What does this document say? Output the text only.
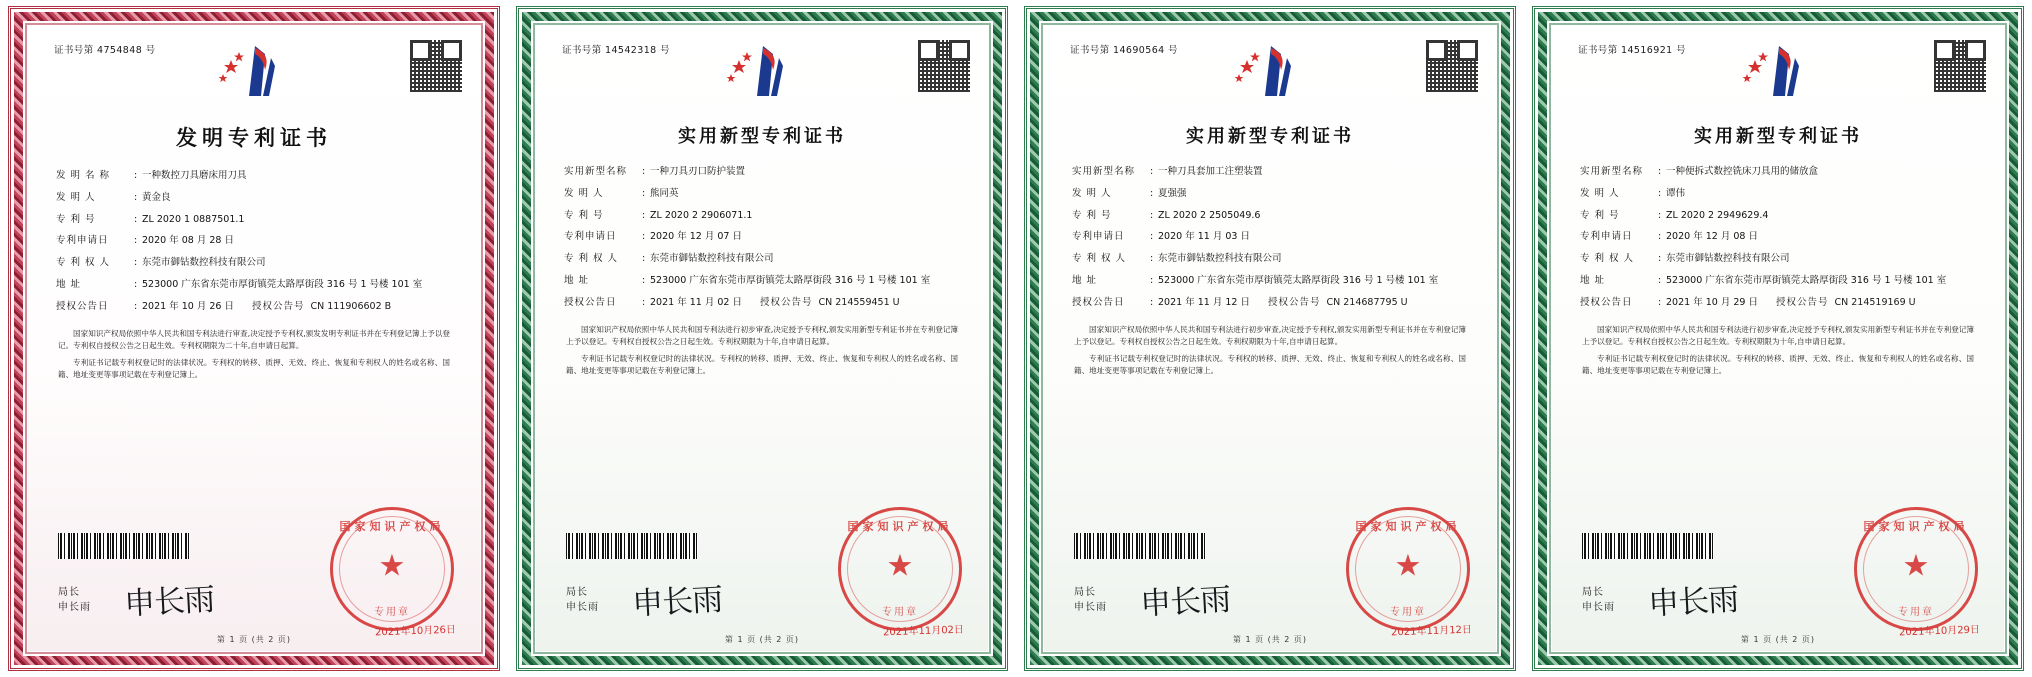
证书号第 4754848 号
发明专利证书
发 明 名 称	: 一种数控刀具磨床用刀具
发 明 人	: 黄金良
专 利 号	: ZL 2020 1 0887501.1
专利申请日	: 2020 年 08 月 28 日
专 利 权 人	: 东莞市御钻数控科技有限公司
地 址	: 523000 广东省东莞市厚街镇莞太路厚街段 316 号 1 号楼 101 室
授权公告日	: 2021 年 10 月 26 日 授权公告号 CN 111906602 B

国家知识产权局依照中华人民共和国专利法进行审查,决定授予专利权,颁发发明专利证书并在专利登记簿上予以登记。专利权自授权公告之日起生效。专利权期限为二十年,自申请日起算。

专利证书记载专利权登记时的法律状况。专利权的转移、质押、无效、终止、恢复和专利权人的姓名或名称、国籍、地址变更等事项记载在专利登记簿上。

局长
申长雨 申长雨
国家知识产权局
★
专用章
2021年10月26日
第 1 页 (共 2 页)
证书号第 14542318 号
实用新型专利证书
实用新型名称	: 一种刀具刃口防护装置
发 明 人	: 熊同英
专 利 号	: ZL 2020 2 2906071.1
专利申请日	: 2020 年 12 月 07 日
专 利 权 人	: 东莞市御钻数控科技有限公司
地 址	: 523000 广东省东莞市厚街镇莞太路厚街段 316 号 1 号楼 101 室
授权公告日	: 2021 年 11 月 02 日 授权公告号 CN 214559451 U

国家知识产权局依照中华人民共和国专利法进行初步审查,决定授予专利权,颁发实用新型专利证书并在专利登记簿上予以登记。专利权自授权公告之日起生效。专利权期限为十年,自申请日起算。

专利证书记载专利权登记时的法律状况。专利权的转移、质押、无效、终止、恢复和专利权人的姓名或名称、国籍、地址变更等事项记载在专利登记簿上。

局长
申长雨 申长雨
国家知识产权局
★
专用章
2021年11月02日
第 1 页 (共 2 页)
证书号第 14690564 号
实用新型专利证书
实用新型名称	: 一种刀具套加工注塑装置
发 明 人	: 夏强强
专 利 号	: ZL 2020 2 2505049.6
专利申请日	: 2020 年 11 月 03 日
专 利 权 人	: 东莞市御钻数控科技有限公司
地 址	: 523000 广东省东莞市厚街镇莞太路厚街段 316 号 1 号楼 101 室
授权公告日	: 2021 年 11 月 12 日 授权公告号 CN 214687795 U

国家知识产权局依照中华人民共和国专利法进行初步审查,决定授予专利权,颁发实用新型专利证书并在专利登记簿上予以登记。专利权自授权公告之日起生效。专利权期限为十年,自申请日起算。

专利证书记载专利权登记时的法律状况。专利权的转移、质押、无效、终止、恢复和专利权人的姓名或名称、国籍、地址变更等事项记载在专利登记簿上。

局长
申长雨 申长雨
国家知识产权局
★
专用章
2021年11月12日
第 1 页 (共 2 页)
证书号第 14516921 号
实用新型专利证书
实用新型名称	: 一种便拆式数控铣床刀具用的储放盒
发 明 人	: 谭伟
专 利 号	: ZL 2020 2 2949629.4
专利申请日	: 2020 年 12 月 08 日
专 利 权 人	: 东莞市御钻数控科技有限公司
地 址	: 523000 广东省东莞市厚街镇莞太路厚街段 316 号 1 号楼 101 室
授权公告日	: 2021 年 10 月 29 日 授权公告号 CN 214519169 U

国家知识产权局依照中华人民共和国专利法进行初步审查,决定授予专利权,颁发实用新型专利证书并在专利登记簿上予以登记。专利权自授权公告之日起生效。专利权期限为十年,自申请日起算。

专利证书记载专利权登记时的法律状况。专利权的转移、质押、无效、终止、恢复和专利权人的姓名或名称、国籍、地址变更等事项记载在专利登记簿上。

局长
申长雨 申长雨
国家知识产权局
★
专用章
2021年10月29日
第 1 页 (共 2 页)
